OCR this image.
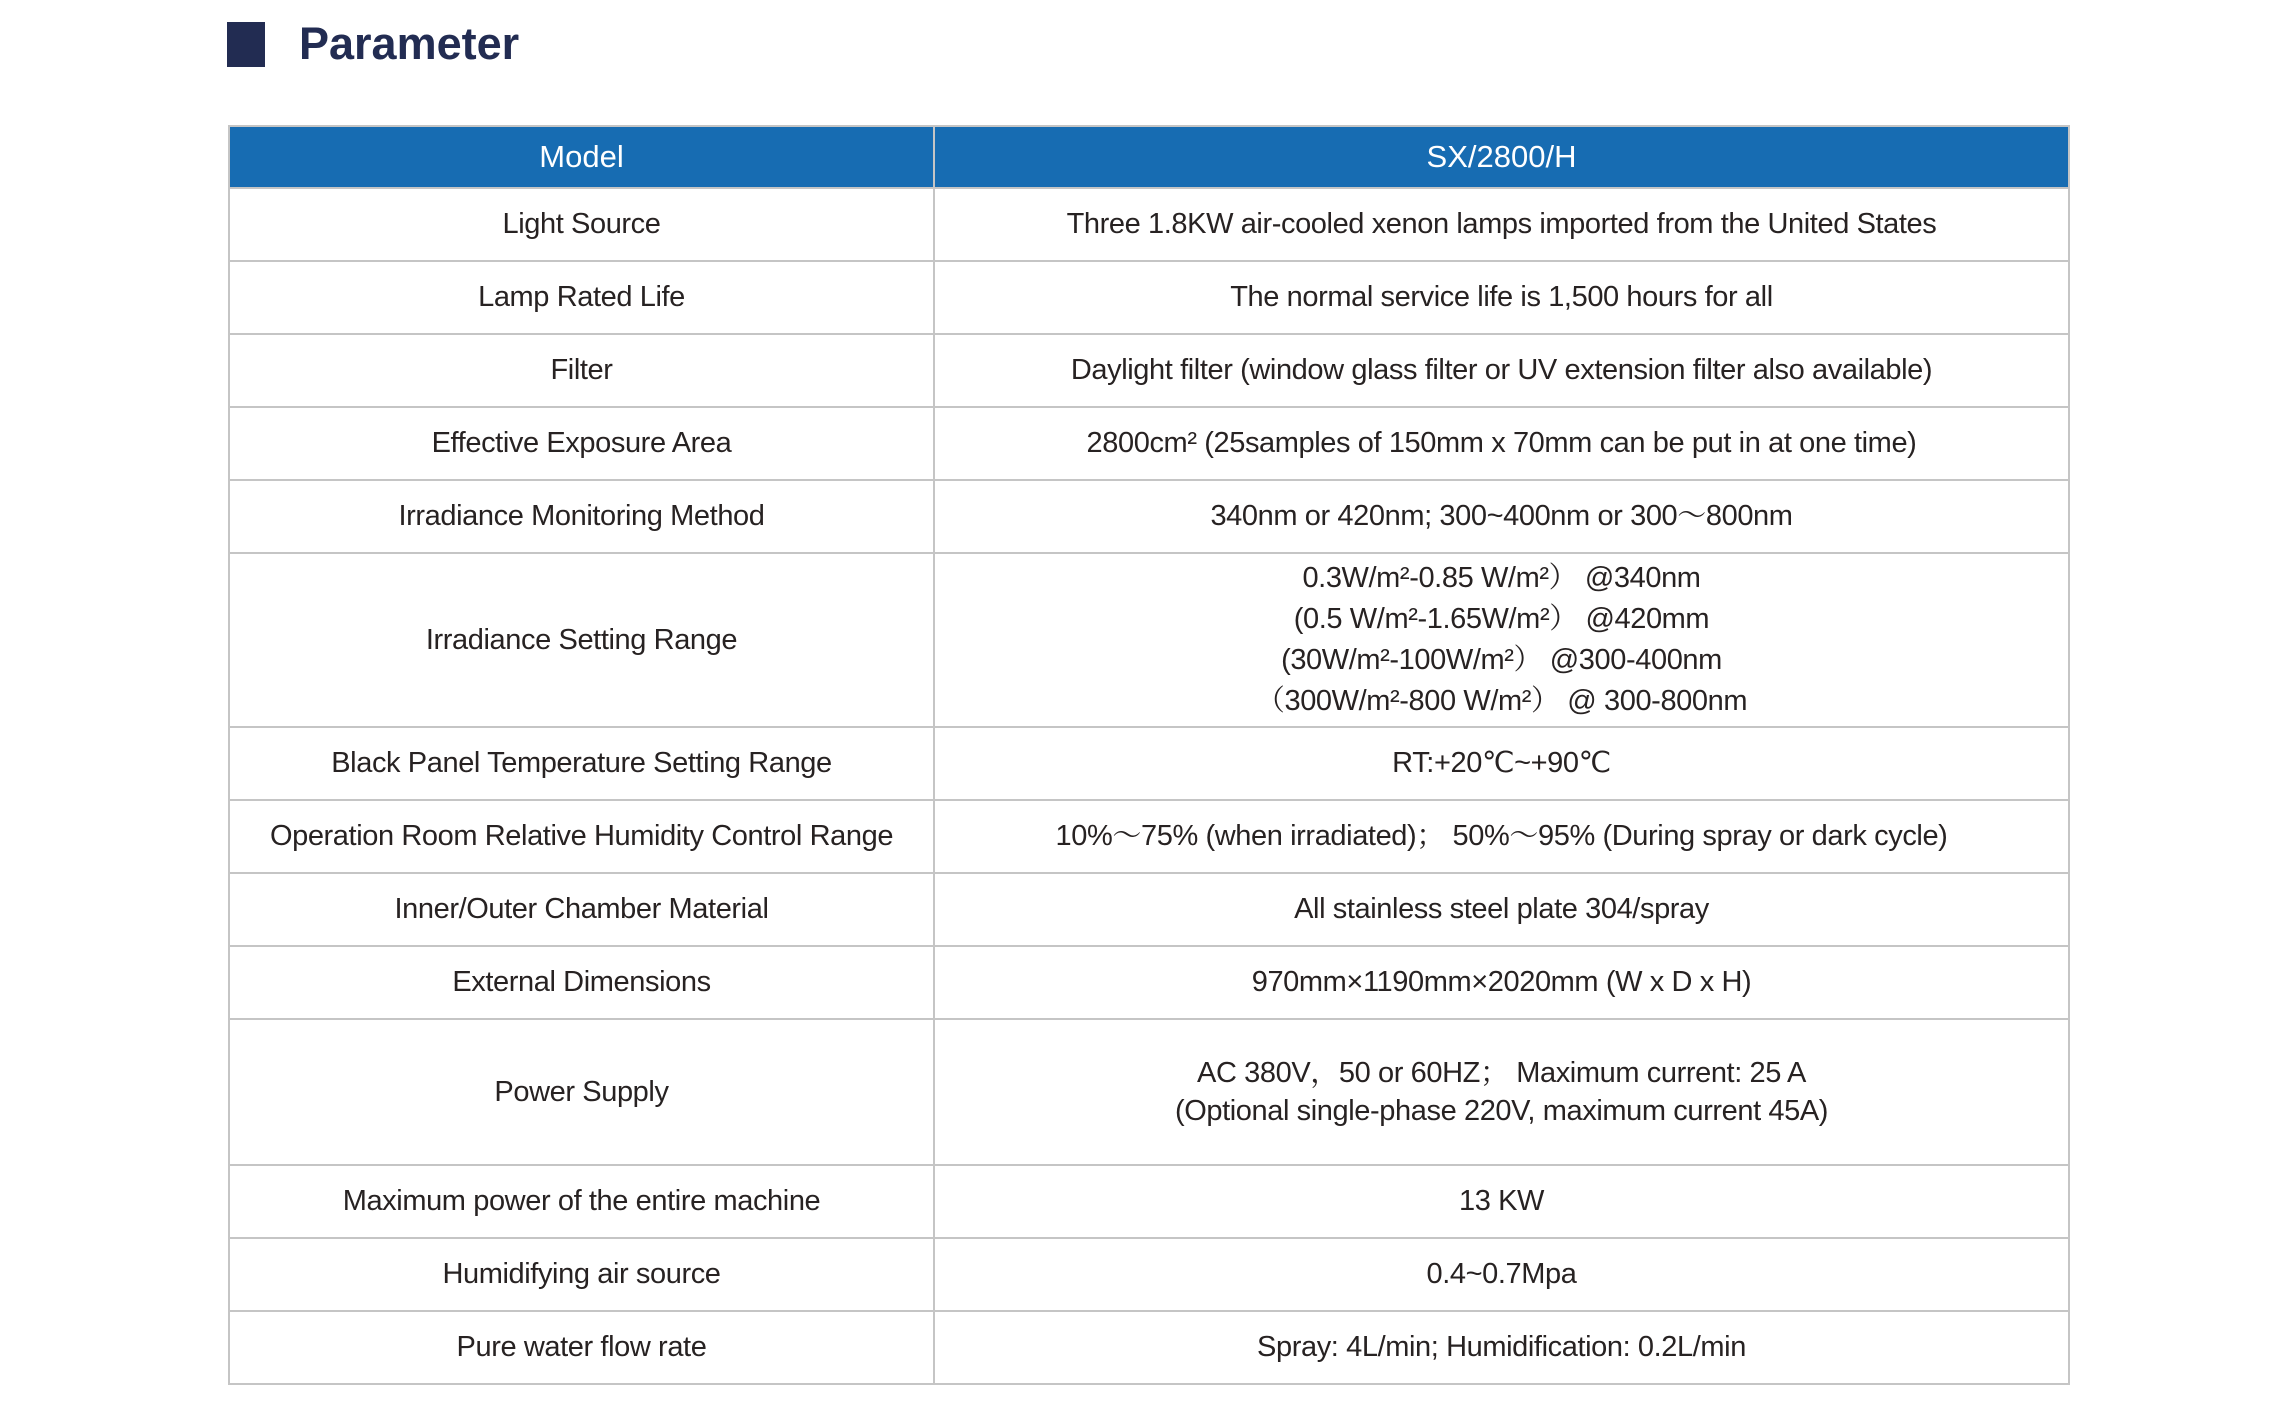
Parameter
Model	SX/2800/H
Light Source	Three 1.8KW air-cooled xenon lamps imported from the United States

Lamp Rated Life	The normal service life is 1,500 hours for all

Filter	Daylight filter (window glass filter or UV extension filter also available)

Effective Exposure Area	2800cm² (25samples of 150mm x 70mm can be put in at one time)

Irradiance Monitoring Method	340nm or 420nm; 300~400nm or 300～800nm

Irradiance Setting Range	0.3W/m²-0.85 W/m²） @340nm
(0.5 W/m²-1.65W/m²） @420mm
(30W/m²-100W/m²） @300-400nm
（300W/m²-800 W/m²） @ 300-800nm

Black Panel Temperature Setting Range	RT:+20℃~+90℃

Operation Room Relative Humidity Control Range	10%～75% (when irradiated)； 50%～95% (During spray or dark cycle)

Inner/Outer Chamber Material	All stainless steel plate 304/spray

External Dimensions	970mm×1190mm×2020mm (W x D x H)

Power Supply	AC 380V，50 or 60HZ； Maximum current: 25 A
(Optional single-phase 220V, maximum current 45A)

Maximum power of the entire machine	13 KW

Humidifying air source	0.4~0.7Mpa

Pure water flow rate	Spray: 4L/min; Humidification: 0.2L/min
